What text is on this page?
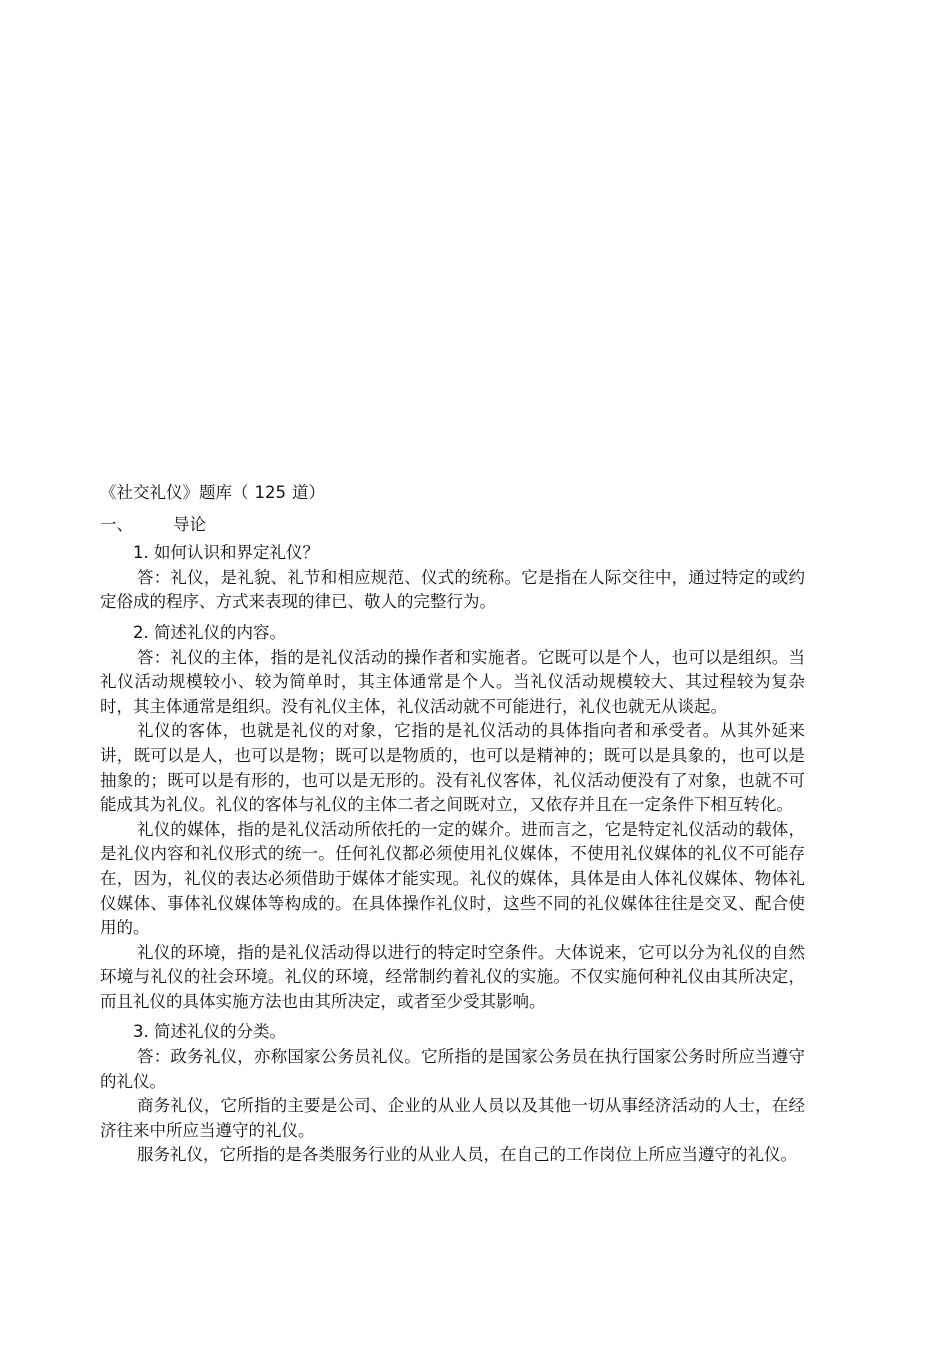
《社交礼仪》题库（ 125 道）
一、 导论

1. 如何认识和界定礼仪？

答：礼仪，是礼貌、礼节和相应规范、仪式的统称。它是指在人际交往中，通过特定的或约定俗成的程序、方式来表现的律已、敬人的完整行为。

2. 简述礼仪的内容。

答：礼仪的主体，指的是礼仪活动的操作者和实施者。它既可以是个人，也可以是组织。当礼仪活动规模较小、较为简单时，其主体通常是个人。当礼仪活动规模较大、其过程较为复杂时，其主体通常是组织。没有礼仪主体，礼仪活动就不可能进行，礼仪也就无从谈起。

礼仪的客体，也就是礼仪的对象，它指的是礼仪活动的具体指向者和承受者。从其外延来讲，既可以是人，也可以是物；既可以是物质的，也可以是精神的；既可以是具象的，也可以是抽象的；既可以是有形的，也可以是无形的。没有礼仪客体，礼仪活动便没有了对象，也就不可能成其为礼仪。礼仪的客体与礼仪的主体二者之间既对立，又依存并且在一定条件下相互转化。

礼仪的媒体，指的是礼仪活动所依托的一定的媒介。进而言之，它是特定礼仪活动的载体，是礼仪内容和礼仪形式的统一。任何礼仪都必须使用礼仪媒体，不使用礼仪媒体的礼仪不可能存在，因为，礼仪的表达必须借助于媒体才能实现。礼仪的媒体，具体是由人体礼仪媒体、物体礼仪媒体、事体礼仪媒体等构成的。在具体操作礼仪时，这些不同的礼仪媒体往往是交叉、配合使用的。

礼仪的环境，指的是礼仪活动得以进行的特定时空条件。大体说来，它可以分为礼仪的自然环境与礼仪的社会环境。礼仪的环境，经常制约着礼仪的实施。不仅实施何种礼仪由其所决定，而且礼仪的具体实施方法也由其所决定，或者至少受其影响。

3. 简述礼仪的分类。

答：政务礼仪，亦称国家公务员礼仪。它所指的是国家公务员在执行国家公务时所应当遵守的礼仪。

商务礼仪，它所指的主要是公司、企业的从业人员以及其他一切从事经济活动的人士，在经济往来中所应当遵守的礼仪。

服务礼仪，它所指的是各类服务行业的从业人员，在自己的工作岗位上所应当遵守的礼仪。
